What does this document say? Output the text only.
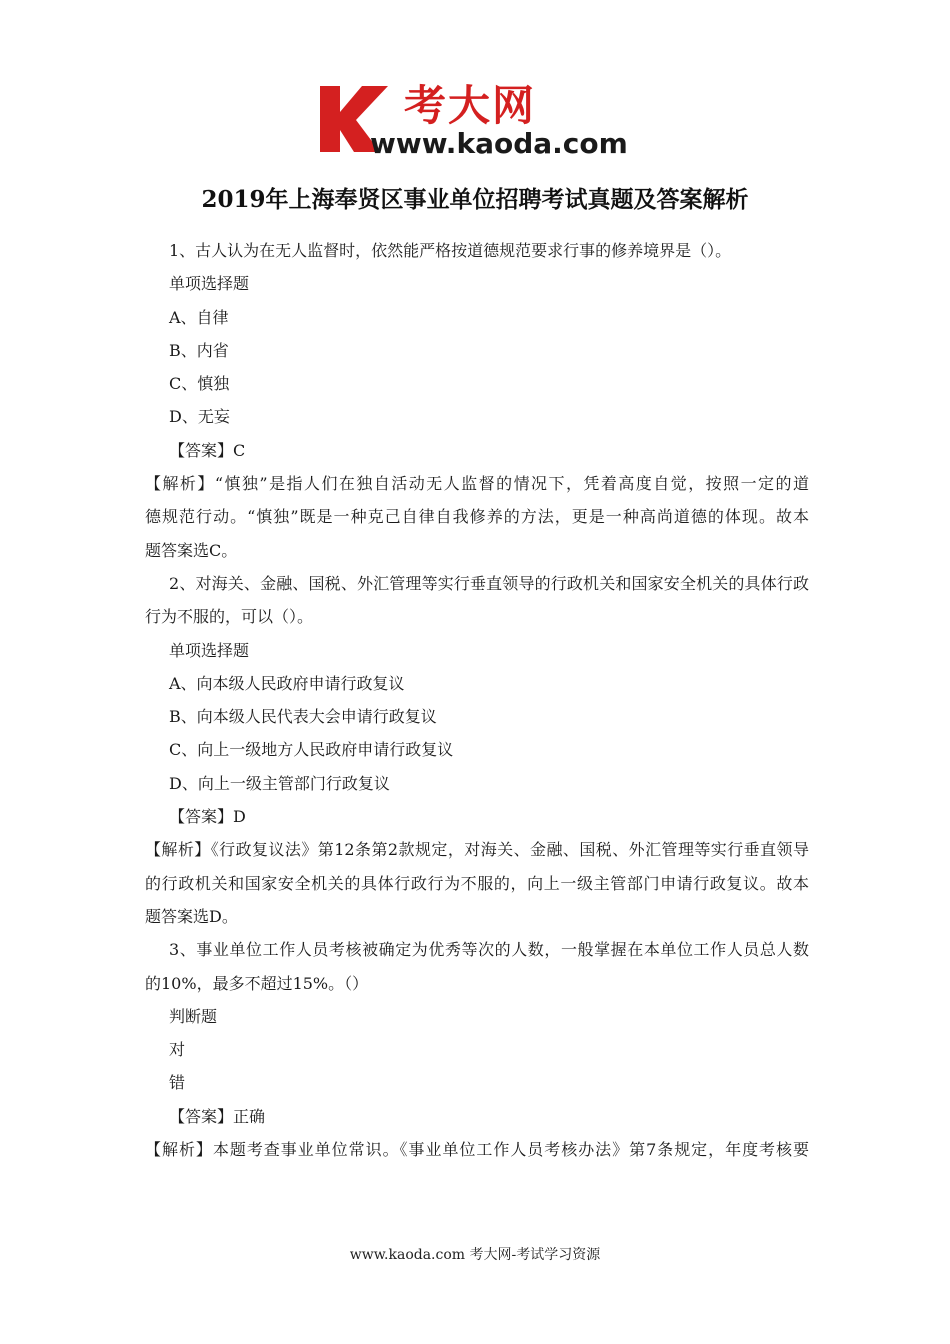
考大网
www.kaoda.com
2019年上海奉贤区事业单位招聘考试真题及答案解析
1、古人认为在无人监督时，依然能严格按道德规范要求行事的修养境界是（）。
单项选择题
A、自律
B、内省
C、慎独
D、无妄
【答案】C
【解析】“慎独”是指人们在独自活动无人监督的情况下，凭着高度自觉，按照一定的道
德规范行动。“慎独”既是一种克己自律自我修养的方法，更是一种高尚道德的体现。故本
题答案选C。
2、对海关、金融、国税、外汇管理等实行垂直领导的行政机关和国家安全机关的具体行政
行为不服的，可以（）。
单项选择题
A、向本级人民政府申请行政复议
B、向本级人民代表大会申请行政复议
C、向上一级地方人民政府申请行政复议
D、向上一级主管部门行政复议
【答案】D
【解析】《行政复议法》第12条第2款规定，对海关、金融、国税、外汇管理等实行垂直领导
的行政机关和国家安全机关的具体行政行为不服的，向上一级主管部门申请行政复议。故本
题答案选D。
3、事业单位工作人员考核被确定为优秀等次的人数，一般掌握在本单位工作人员总人数
的10%，最多不超过15%。（）
判断题
对
错
【答案】正确
【解析】本题考查事业单位常识。《事业单位工作人员考核办法》第7条规定，年度考核要
www.kaoda.com 考大网-考试学习资源
